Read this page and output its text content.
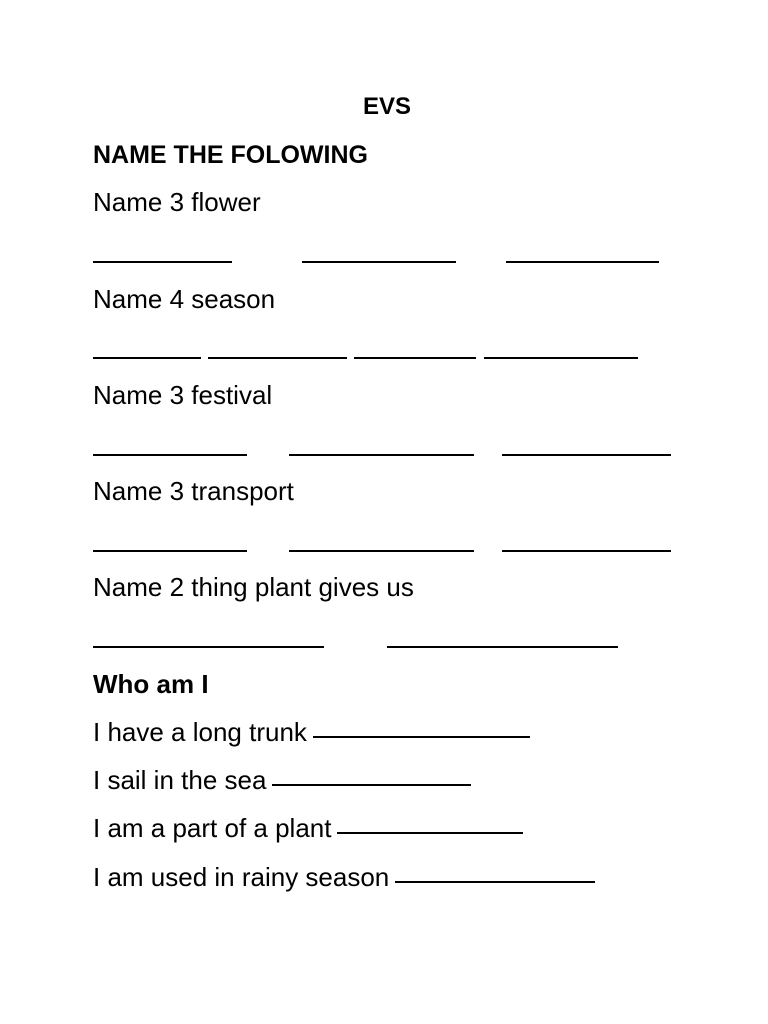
EVS
NAME THE FOLOWING
Name 3 flower
Name 4 season
Name 3 festival
Name 3 transport
Name 2 thing plant gives us
Who am I
I have a long trunk
I sail in the sea
I am a part of a plant
I am used in rainy season
